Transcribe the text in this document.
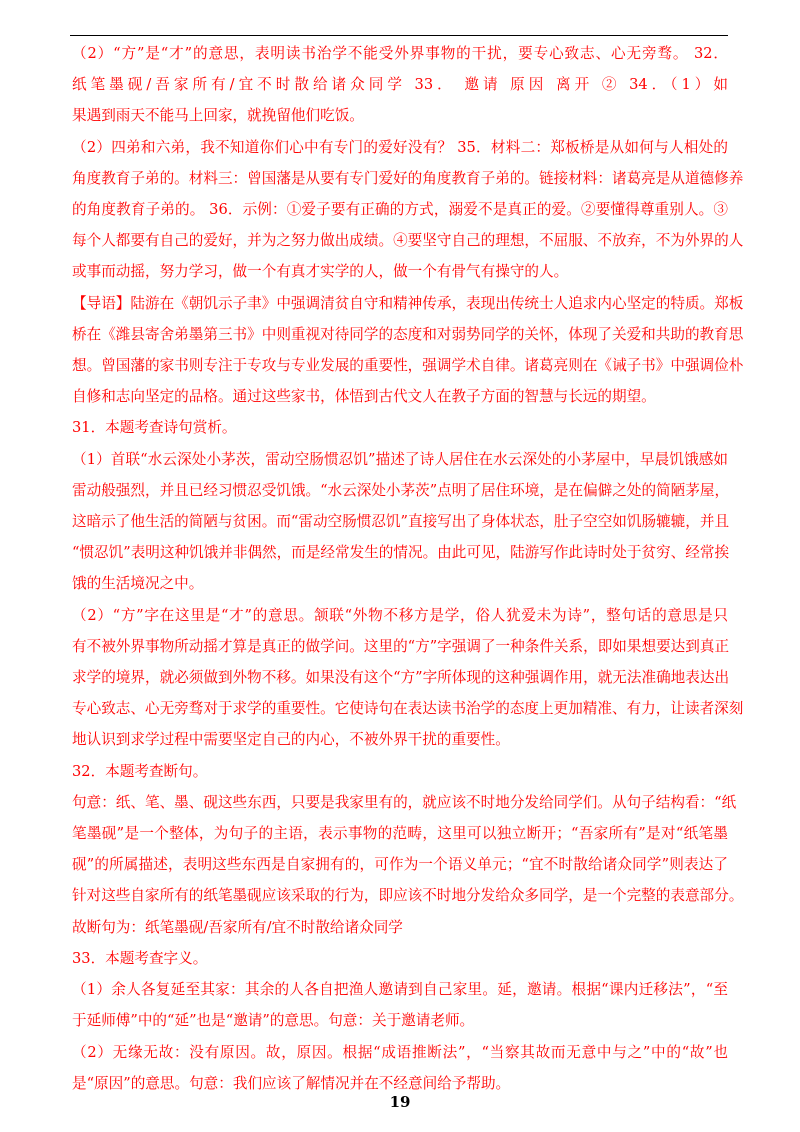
（2）“方”是“才”的意思，表明读书治学不能受外界事物的干扰，要专心致志、心无旁骛。 32．

纸笔墨砚/吾家所有/宜不时散给诸众同学 33． 邀请 原因 离开 ② 34．（1）如

果遇到雨天不能马上回家，就挽留他们吃饭。

（2）四弟和六弟，我不知道你们心中有专门的爱好没有？ 35．材料二：郑板桥是从如何与人相处的

角度教育子弟的。材料三：曾国藩是从要有专门爱好的角度教育子弟的。链接材料：诸葛亮是从道德修养

的角度教育子弟的。 36．示例：①爱子要有正确的方式，溺爱不是真正的爱。②要懂得尊重别人。③

每个人都要有自己的爱好，并为之努力做出成绩。④要坚守自己的理想，不屈服、不放弃，不为外界的人

或事而动摇，努力学习，做一个有真才实学的人，做一个有骨气有操守的人。

【导语】陆游在《朝饥示子聿》中强调清贫自守和精神传承，表现出传统士人追求内心坚定的特质。郑板

桥在《潍县寄舍弟墨第三书》中则重视对待同学的态度和对弱势同学的关怀，体现了关爱和共助的教育思

想。曾国藩的家书则专注于专攻与专业发展的重要性，强调学术自律。诸葛亮则在《诫子书》中强调俭朴

自修和志向坚定的品格。通过这些家书，体悟到古代文人在教子方面的智慧与长远的期望。

31．本题考查诗句赏析。

（1）首联“水云深处小茅茨，雷动空肠惯忍饥”描述了诗人居住在水云深处的小茅屋中，早晨饥饿感如

雷动般强烈，并且已经习惯忍受饥饿。“水云深处小茅茨”点明了居住环境，是在偏僻之处的简陋茅屋，

这暗示了他生活的简陋与贫困。而“雷动空肠惯忍饥”直接写出了身体状态，肚子空空如饥肠辘辘，并且

“惯忍饥”表明这种饥饿并非偶然，而是经常发生的情况。由此可见，陆游写作此诗时处于贫穷、经常挨

饿的生活境况之中。

（2）“方”字在这里是“才”的意思。颔联“外物不移方是学，俗人犹爱未为诗”，整句话的意思是只

有不被外界事物所动摇才算是真正的做学问。这里的“方”字强调了一种条件关系，即如果想要达到真正

求学的境界，就必须做到外物不移。如果没有这个“方”字所体现的这种强调作用，就无法准确地表达出

专心致志、心无旁骛对于求学的重要性。它使诗句在表达读书治学的态度上更加精准、有力，让读者深刻

地认识到求学过程中需要坚定自己的内心，不被外界干扰的重要性。

32．本题考查断句。

句意：纸、笔、墨、砚这些东西，只要是我家里有的，就应该不时地分发给同学们。从句子结构看：“纸

笔墨砚”是一个整体，为句子的主语，表示事物的范畴，这里可以独立断开；“吾家所有”是对“纸笔墨

砚”的所属描述，表明这些东西是自家拥有的，可作为一个语义单元；“宜不时散给诸众同学”则表达了

针对这些自家所有的纸笔墨砚应该采取的行为，即应该不时地分发给众多同学，是一个完整的表意部分。

故断句为：纸笔墨砚/吾家所有/宜不时散给诸众同学

33．本题考查字义。

（1）余人各复延至其家：其余的人各自把渔人邀请到自己家里。延，邀请。根据“课内迁移法”，“至

于延师傅”中的“延”也是“邀请”的意思。句意：关于邀请老师。

（2）无缘无故：没有原因。故，原因。根据“成语推断法”，“当察其故而无意中与之”中的“故”也

是“原因”的意思。句意：我们应该了解情况并在不经意间给予帮助。

19
